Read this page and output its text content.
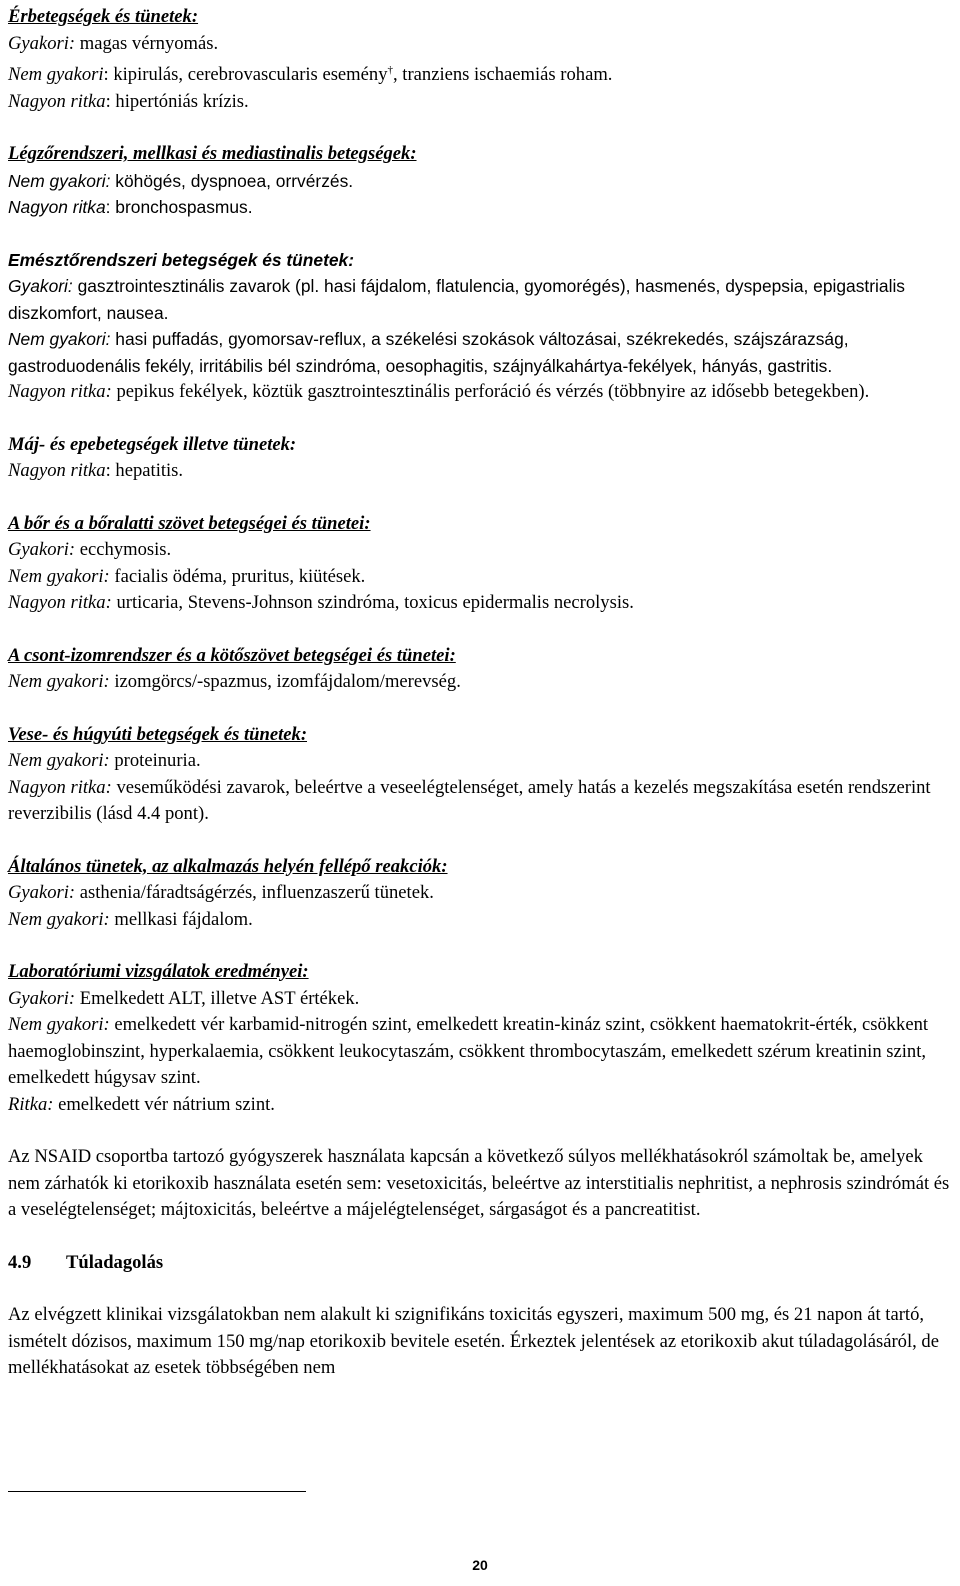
Érbetegségek és tünetek:

Gyakori: magas vérnyomás.

Nem gyakori: kipirulás, cerebrovascularis esemény†, tranziens ischaemiás roham.

Nagyon ritka: hipertóniás krízis.

Légzőrendszeri, mellkasi és mediastinalis betegségek:

Nem gyakori: köhögés, dyspnoea, orrvérzés.

Nagyon ritka: bronchospasmus.

Emésztőrendszeri betegségek és tünetek:

Gyakori: gasztrointesztinális zavarok (pl. hasi fájdalom, flatulencia, gyomorégés), hasmenés, dyspepsia, epigastrialis diszkomfort, nausea.

Nem gyakori: hasi puffadás, gyomorsav-reflux, a székelési szokások változásai, székrekedés, szájszárazság, gastroduodenális fekély, irritábilis bél szindróma, oesophagitis, szájnyálkahártya-fekélyek, hányás, gastritis.

Nagyon ritka: pepikus fekélyek, köztük gasztrointesztinális perforáció és vérzés (többnyire az idősebb betegekben).

Máj- és epebetegségek illetve tünetek:

Nagyon ritka: hepatitis.

A bőr és a bőralatti szövet betegségei és tünetei:

Gyakori: ecchymosis.

Nem gyakori: facialis ödéma, pruritus, kiütések.

Nagyon ritka: urticaria, Stevens-Johnson szindróma, toxicus epidermalis necrolysis.

A csont-izomrendszer és a kötőszövet betegségei és tünetei:

Nem gyakori: izomgörcs/-spazmus, izomfájdalom/merevség.

Vese- és húgyúti betegségek és tünetek:

Nem gyakori: proteinuria.

Nagyon ritka: veseműködési zavarok, beleértve a veseelégtelenséget, amely hatás a kezelés megszakítása esetén rendszerint reverzibilis (lásd 4.4 pont).

Általános tünetek, az alkalmazás helyén fellépő reakciók:

Gyakori: asthenia/fáradtságérzés, influenzaszerű tünetek.

Nem gyakori: mellkasi fájdalom.

Laboratóriumi vizsgálatok eredményei:

Gyakori: Emelkedett ALT, illetve AST értékek.

Nem gyakori: emelkedett vér karbamid-nitrogén szint, emelkedett kreatin-kináz szint, csökkent haematokrit-érték, csökkent haemoglobinszint, hyperkalaemia, csökkent leukocytaszám, csökkent thrombocytaszám, emelkedett szérum kreatinin szint, emelkedett húgysav szint.

Ritka: emelkedett vér nátrium szint.

Az NSAID csoportba tartozó gyógyszerek használata kapcsán a következő súlyos mellékhatásokról számoltak be, amelyek nem zárhatók ki etorikoxib használata esetén sem: vesetoxicitás, beleértve az interstitialis nephritist, a nephrosis szindrómát és a veselégtelenséget; májtoxicitás, beleértve a májelégtelenséget, sárgaságot és a pancreatitist.

4.9 Túladagolás

Az elvégzett klinikai vizsgálatokban nem alakult ki szignifikáns toxicitás egyszeri, maximum 500 mg, és 21 napon át tartó, ismételt dózisos, maximum 150 mg/nap etorikoxib bevitele esetén. Érkeztek jelentések az etorikoxib akut túladagolásáról, de mellékhatásokat az esetek többségében nem

20
